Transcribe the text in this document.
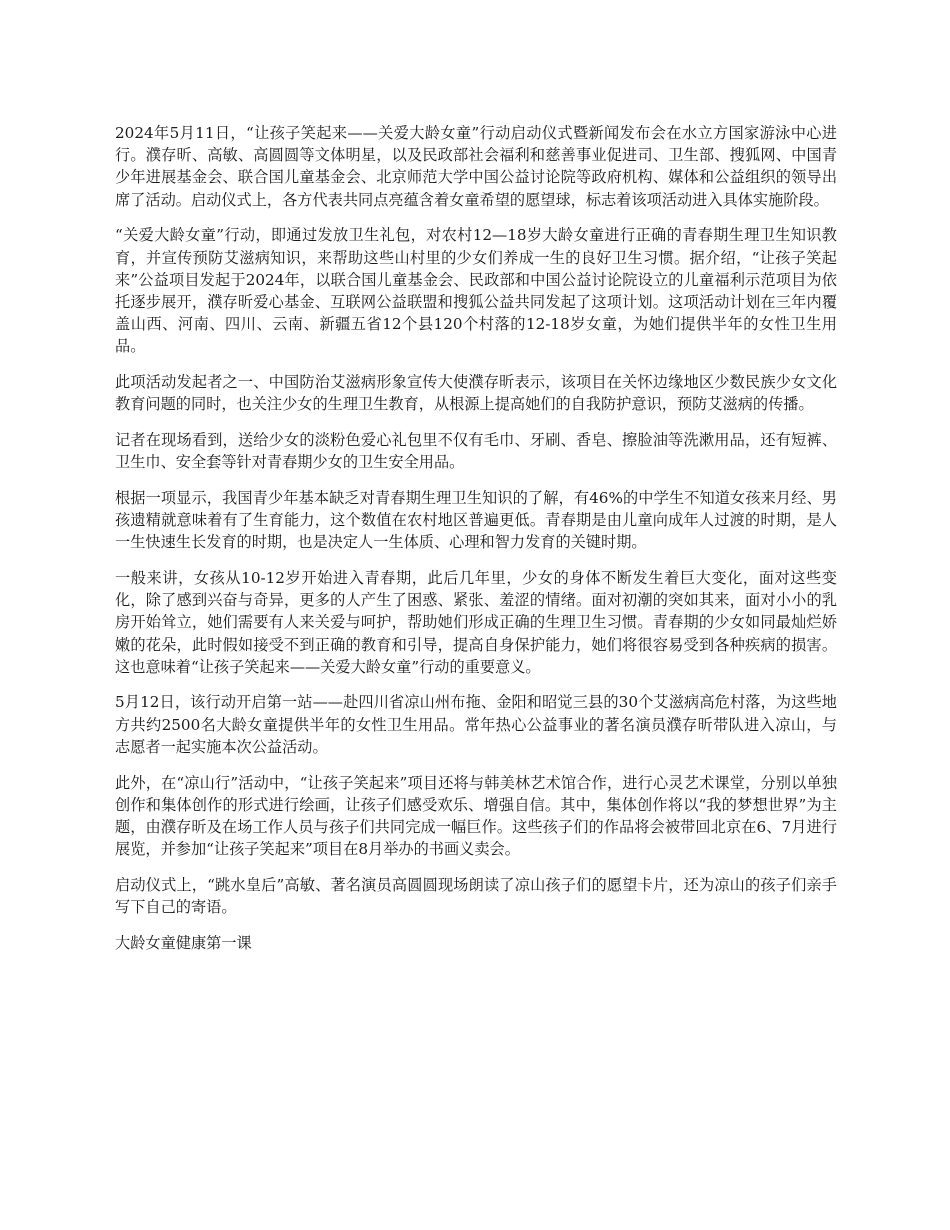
2024年5月11日，“让孩子笑起来——关爱大龄女童”行动启动仪式暨新闻发布会在水立方国家游泳中心进行。濮存昕、高敏、高圆圆等文体明星，以及民政部社会福利和慈善事业促进司、卫生部、搜狐网、中国青少年进展基金会、联合国儿童基金会、北京师范大学中国公益讨论院等政府机构、媒体和公益组织的领导出席了活动。启动仪式上，各方代表共同点亮蕴含着女童希望的愿望球，标志着该项活动进入具体实施阶段。

“关爱大龄女童”行动，即通过发放卫生礼包，对农村12—18岁大龄女童进行正确的青春期生理卫生知识教育，并宣传预防艾滋病知识，来帮助这些山村里的少女们养成一生的良好卫生习惯。据介绍，“让孩子笑起来”公益项目发起于2024年，以联合国儿童基金会、民政部和中国公益讨论院设立的儿童福利示范项目为依托逐步展开，濮存昕爱心基金、互联网公益联盟和搜狐公益共同发起了这项计划。这项活动计划在三年内覆盖山西、河南、四川、云南、新疆五省12个县120个村落的12-18岁女童，为她们提供半年的女性卫生用品。

此项活动发起者之一、中国防治艾滋病形象宣传大使濮存昕表示，该项目在关怀边缘地区少数民族少女文化教育问题的同时，也关注少女的生理卫生教育，从根源上提高她们的自我防护意识，预防艾滋病的传播。

记者在现场看到，送给少女的淡粉色爱心礼包里不仅有毛巾、牙刷、香皂、擦脸油等洗漱用品，还有短裤、卫生巾、安全套等针对青春期少女的卫生安全用品。

根据一项显示，我国青少年基本缺乏对青春期生理卫生知识的了解，有46%的中学生不知道女孩来月经、男孩遗精就意味着有了生育能力，这个数值在农村地区普遍更低。青春期是由儿童向成年人过渡的时期，是人一生快速生长发育的时期，也是决定人一生体质、心理和智力发育的关键时期。

一般来讲，女孩从10-12岁开始进入青春期，此后几年里，少女的身体不断发生着巨大变化，面对这些变化，除了感到兴奋与奇异，更多的人产生了困惑、紧张、羞涩的情绪。面对初潮的突如其来，面对小小的乳房开始耸立，她们需要有人来关爱与呵护，帮助她们形成正确的生理卫生习惯。青春期的少女如同最灿烂娇嫩的花朵，此时假如接受不到正确的教育和引导，提高自身保护能力，她们将很容易受到各种疾病的损害。这也意味着“让孩子笑起来——关爱大龄女童”行动的重要意义。

5月12日，该行动开启第一站——赴四川省凉山州布拖、金阳和昭觉三县的30个艾滋病高危村落，为这些地方共约2500名大龄女童提供半年的女性卫生用品。常年热心公益事业的著名演员濮存昕带队进入凉山，与志愿者一起实施本次公益活动。

此外，在“凉山行”活动中，“让孩子笑起来”项目还将与韩美林艺术馆合作，进行心灵艺术课堂，分别以单独创作和集体创作的形式进行绘画，让孩子们感受欢乐、增强自信。其中，集体创作将以“我的梦想世界”为主题，由濮存昕及在场工作人员与孩子们共同完成一幅巨作。这些孩子们的作品将会被带回北京在6、7月进行展览，并参加“让孩子笑起来”项目在8月举办的书画义卖会。

启动仪式上，“跳水皇后”高敏、著名演员高圆圆现场朗读了凉山孩子们的愿望卡片，还为凉山的孩子们亲手写下自己的寄语。

大龄女童健康第一课
